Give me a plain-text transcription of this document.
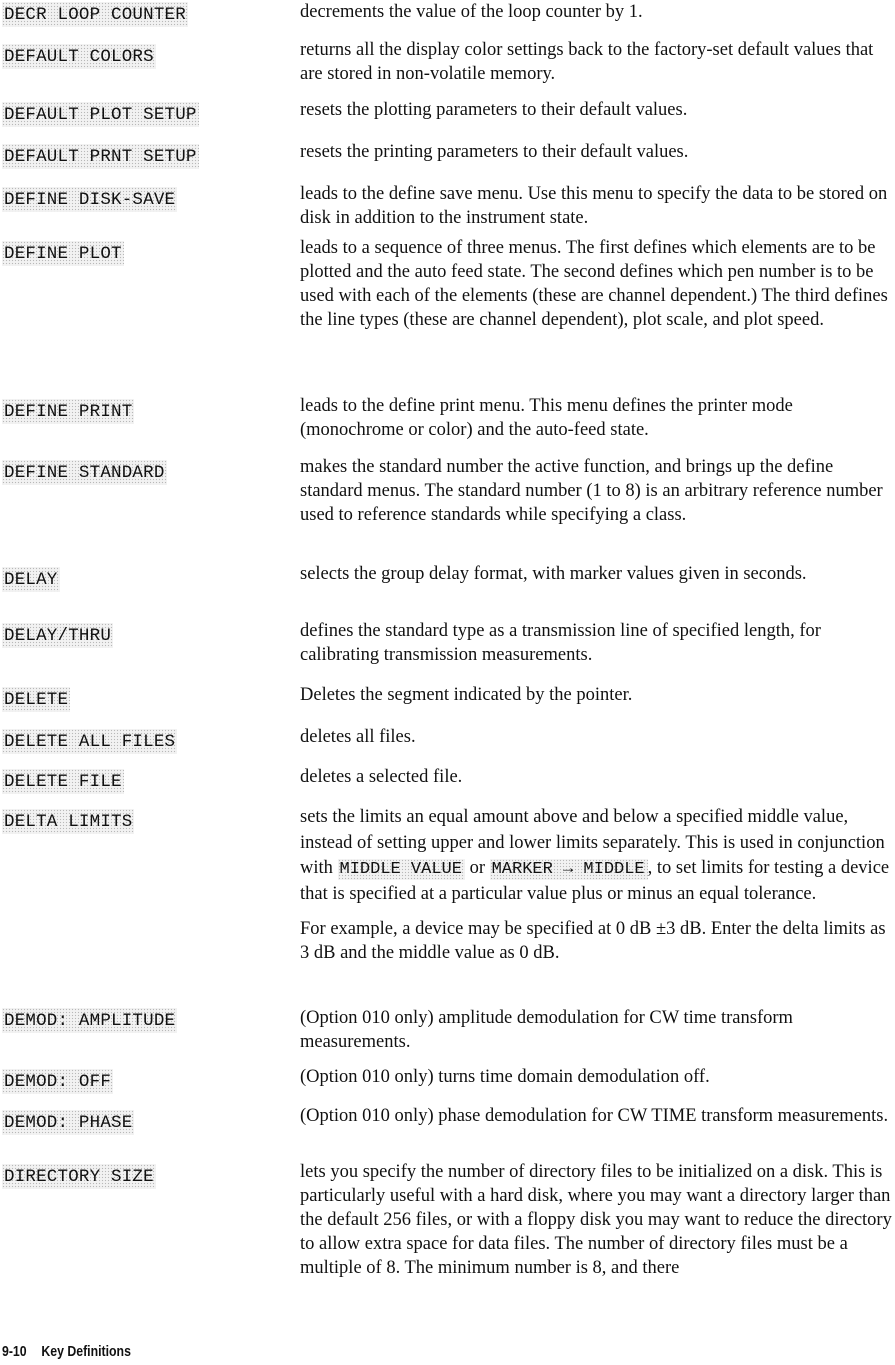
DECR LOOP COUNTER	decrements the value of the loop counter by 1.

DEFAULT COLORS	returns all the display color settings back to the factory-set default values that are stored in non-volatile memory.

DEFAULT PLOT SETUP	resets the plotting parameters to their default values.

DEFAULT PRNT SETUP	resets the printing parameters to their default values.

DEFINE DISK-SAVE	leads to the define save menu. Use this menu to specify the data to be stored on disk in addition to the instrument state.

DEFINE PLOT	leads to a sequence of three menus. The first defines which elements are to be plotted and the auto feed state. The second defines which pen number is to be used with each of the elements (these are channel dependent.) The third defines the line types (these are channel dependent), plot scale, and plot speed.

DEFINE PRINT	leads to the define print menu. This menu defines the printer mode (monochrome or color) and the auto-feed state.

DEFINE STANDARD	makes the standard number the active function, and brings up the define standard menus. The standard number (1 to 8) is an arbitrary reference number used to reference standards while specifying a class.

DELAY	selects the group delay format, with marker values given in seconds.

DELAY/THRU	defines the standard type as a transmission line of specified length, for calibrating transmission measurements.

DELETE	Deletes the segment indicated by the pointer.

DELETE ALL FILES	deletes all files.

DELETE FILE	deletes a selected file.

DELTA LIMITS	sets the limits an equal amount above and below a specified middle value, instead of setting upper and lower limits separately. This is used in conjunction with MIDDLE VALUE or MARKER → MIDDLE , to set limits for testing a device that is specified at a particular value plus or minus an equal tolerance.

For example, a device may be specified at 0 dB ±3 dB. Enter the delta limits as 3 dB and the middle value as 0 dB.

DEMOD: AMPLITUDE	(Option 010 only) amplitude demodulation for CW time transform measurements.

DEMOD: OFF	(Option 010 only) turns time domain demodulation off.

DEMOD: PHASE	(Option 010 only) phase demodulation for CW TIME transform measurements.

DIRECTORY SIZE	lets you specify the number of directory files to be initialized on a disk. This is particularly useful with a hard disk, where you may want a directory larger than the default 256 files, or with a floppy disk you may want to reduce the directory to allow extra space for data files. The number of directory files must be a multiple of 8. The minimum number is 8, and there

9-10 Key Definitions
